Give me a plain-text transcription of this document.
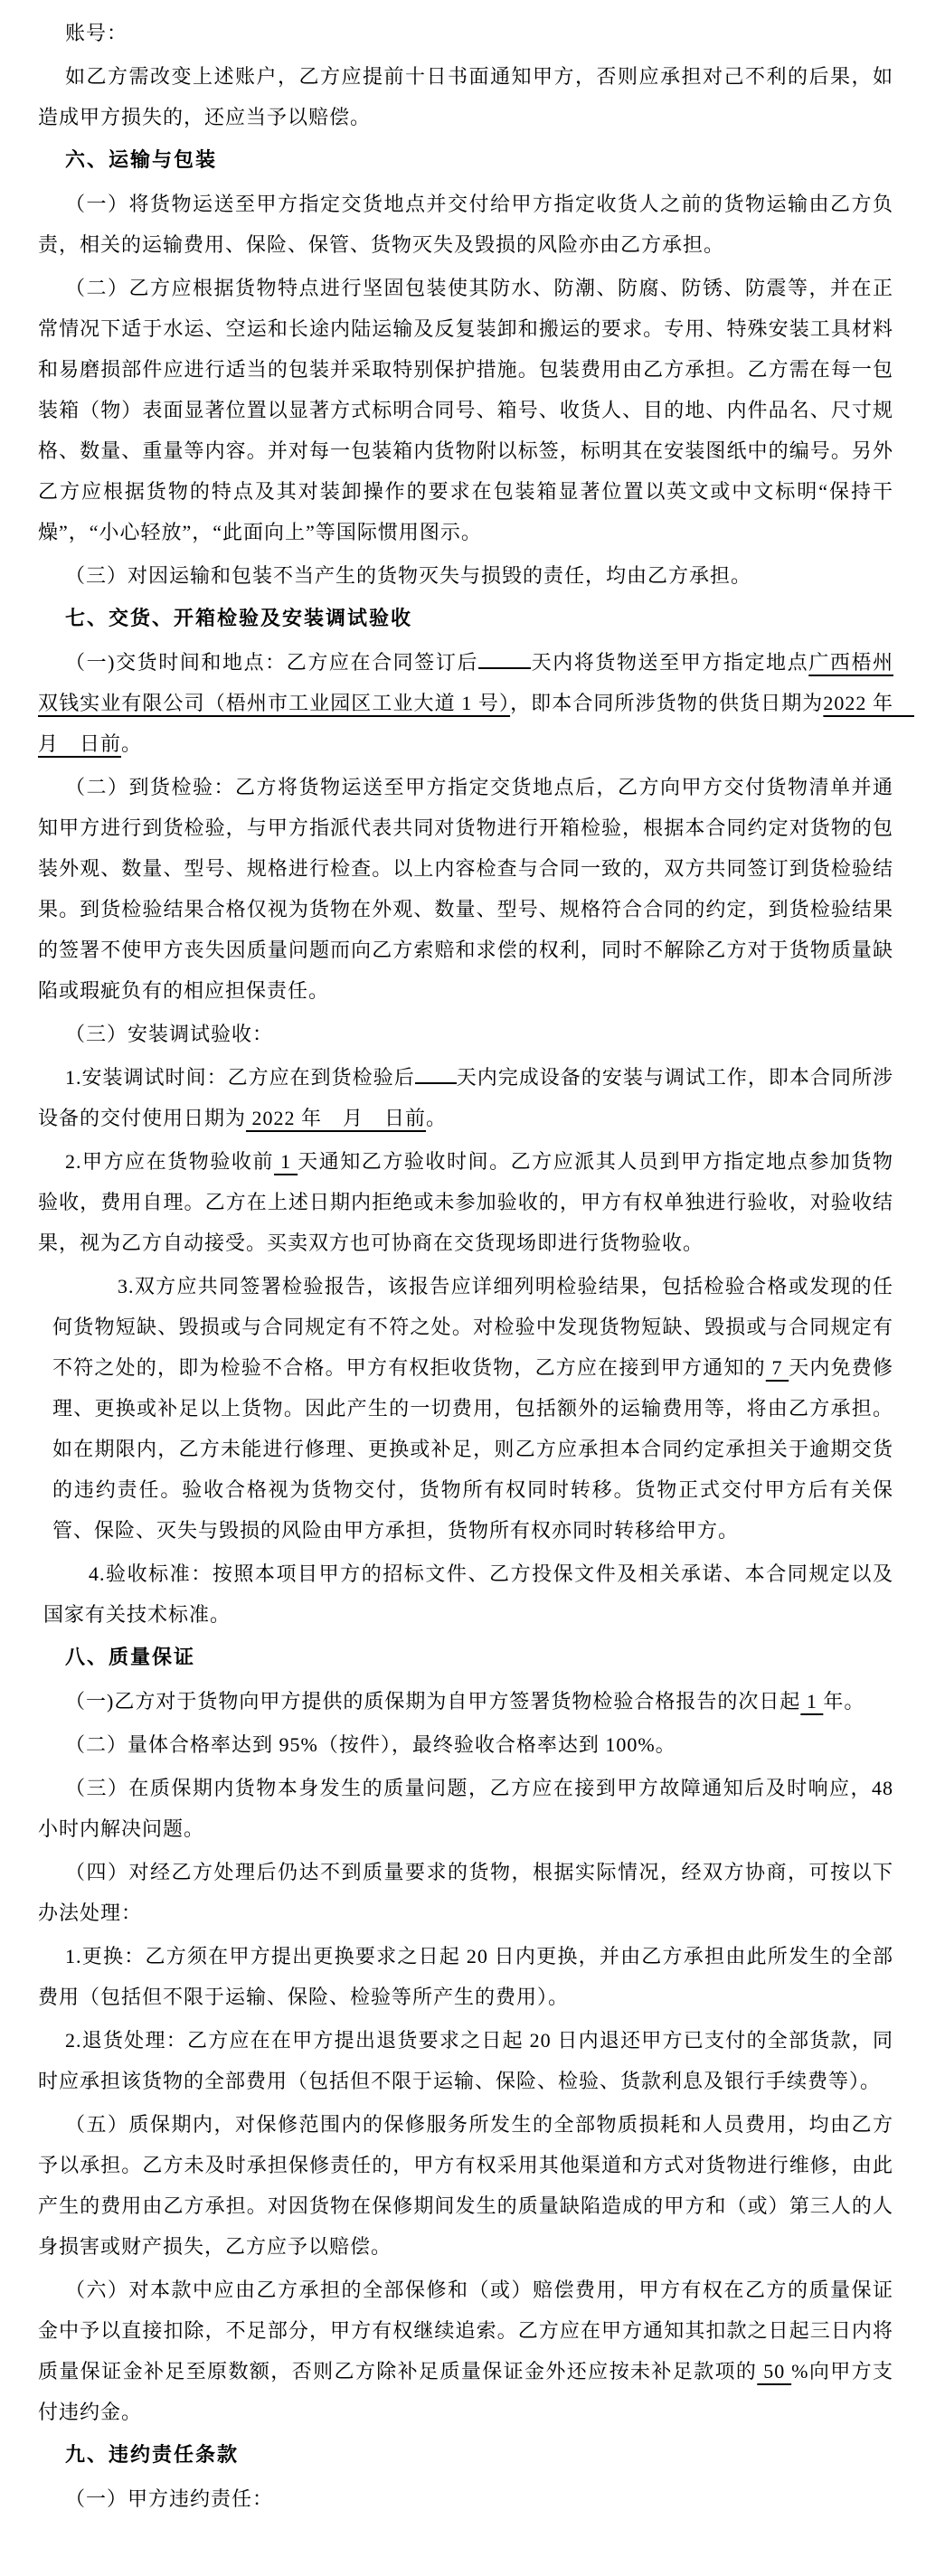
账号：

如乙方需改变上述账户，乙方应提前十日书面通知甲方，否则应承担对己不利的后果，如造成甲方损失的，还应当予以赔偿。

六、运输与包装

（一）将货物运送至甲方指定交货地点并交付给甲方指定收货人之前的货物运输由乙方负责，相关的运输费用、保险、保管、货物灭失及毁损的风险亦由乙方承担。

（二）乙方应根据货物特点进行坚固包装使其防水、防潮、防腐、防锈、防震等，并在正常情况下适于水运、空运和长途内陆运输及反复装卸和搬运的要求。专用、特殊安装工具材料和易磨损部件应进行适当的包装并采取特别保护措施。包装费用由乙方承担。乙方需在每一包装箱（物）表面显著位置以显著方式标明合同号、箱号、收货人、目的地、内件品名、尺寸规格、数量、重量等内容。并对每一包装箱内货物附以标签，标明其在安装图纸中的编号。另外乙方应根据货物的特点及其对装卸操作的要求在包装箱显著位置以英文或中文标明“保持干燥”，“小心轻放”，“此面向上”等国际惯用图示。

（三）对因运输和包装不当产生的货物灭失与损毁的责任，均由乙方承担。

七、交货、开箱检验及安装调试验收

（一)交货时间和地点：乙方应在合同签订后	天内将货物送至甲方指定地点广西梧州双钱实业有限公司（梧州市工业园区工业大道 1 号），即本合同所涉货物的供货日期为2022 年　月　日前。

（二）到货检验：乙方将货物运送至甲方指定交货地点后，乙方向甲方交付货物清单并通知甲方进行到货检验，与甲方指派代表共同对货物进行开箱检验，根据本合同约定对货物的包装外观、数量、型号、规格进行检查。以上内容检查与合同一致的，双方共同签订到货检验结果。到货检验结果合格仅视为货物在外观、数量、型号、规格符合合同的约定，到货检验结果的签署不使甲方丧失因质量问题而向乙方索赔和求偿的权利，同时不解除乙方对于货物质量缺陷或瑕疵负有的相应担保责任。

（三）安装调试验收：

1.安装调试时间：乙方应在到货检验后 天内完成设备的安装与调试工作，即本合同所涉设备的交付使用日期为 2022 年　月　日前。

2.甲方应在货物验收前 1 天通知乙方验收时间。乙方应派其人员到甲方指定地点参加货物验收，费用自理。乙方在上述日期内拒绝或未参加验收的，甲方有权单独进行验收，对验收结果，视为乙方自动接受。买卖双方也可协商在交货现场即进行货物验收。

3.双方应共同签署检验报告，该报告应详细列明检验结果，包括检验合格或发现的任何货物短缺、毁损或与合同规定有不符之处。对检验中发现货物短缺、毁损或与合同规定有不符之处的，即为检验不合格。甲方有权拒收货物，乙方应在接到甲方通知的 7 天内免费修理、更换或补足以上货物。因此产生的一切费用，包括额外的运输费用等，将由乙方承担。如在期限内，乙方未能进行修理、更换或补足，则乙方应承担本合同约定承担关于逾期交货的违约责任。验收合格视为货物交付，货物所有权同时转移。货物正式交付甲方后有关保管、保险、灭失与毁损的风险由甲方承担，货物所有权亦同时转移给甲方。

4.验收标准：按照本项目甲方的招标文件、乙方投保文件及相关承诺、本合同规定以及国家有关技术标准。

八、质量保证

（一)乙方对于货物向甲方提供的质保期为自甲方签署货物检验合格报告的次日起 1 年。

（二）量体合格率达到 95%（按件），最终验收合格率达到 100%。

（三）在质保期内货物本身发生的质量问题，乙方应在接到甲方故障通知后及时响应，48 小时内解决问题。

（四）对经乙方处理后仍达不到质量要求的货物，根据实际情况，经双方协商，可按以下办法处理：

1.更换：乙方须在甲方提出更换要求之日起 20 日内更换，并由乙方承担由此所发生的全部费用（包括但不限于运输、保险、检验等所产生的费用）。

2.退货处理：乙方应在在甲方提出退货要求之日起 20 日内退还甲方已支付的全部货款，同时应承担该货物的全部费用（包括但不限于运输、保险、检验、货款利息及银行手续费等）。

（五）质保期内，对保修范围内的保修服务所发生的全部物质损耗和人员费用，均由乙方予以承担。乙方未及时承担保修责任的，甲方有权采用其他渠道和方式对货物进行维修，由此产生的费用由乙方承担。对因货物在保修期间发生的质量缺陷造成的甲方和（或）第三人的人身损害或财产损失，乙方应予以赔偿。

（六）对本款中应由乙方承担的全部保修和（或）赔偿费用，甲方有权在乙方的质量保证金中予以直接扣除，不足部分，甲方有权继续追索。乙方应在甲方通知其扣款之日起三日内将质量保证金补足至原数额，否则乙方除补足质量保证金外还应按未补足款项的 50 %向甲方支付违约金。

九、违约责任条款

（一）甲方违约责任：
